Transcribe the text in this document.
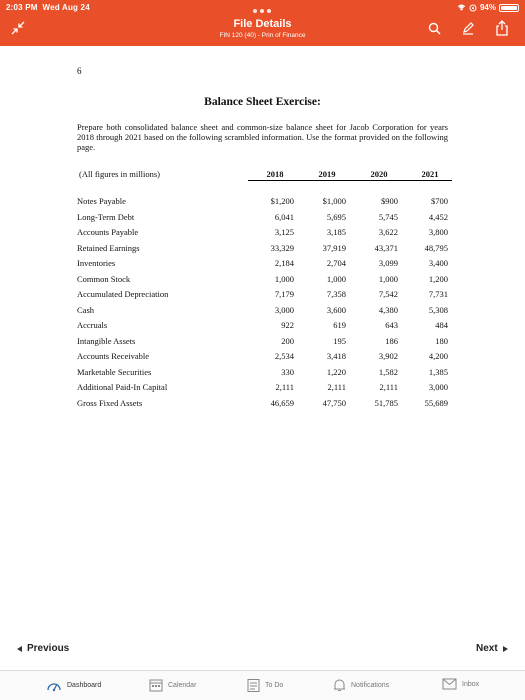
2:03 PM Wed Aug 24	94%
File Details
FIN 120 (40) - Prin of Finance
6
Balance Sheet Exercise:
Prepare both consolidated balance sheet and common-size balance sheet for Jacob Corporation for years 2018 through 2021 based on the following scrambled information. Use the format provided on the following page.
(All figures in millions)	2018	2019	2020	2021
Notes Payable	$1,200	$1,000	$900	$700
Long-Term Debt	6,041	5,695	5,745	4,452
Accounts Payable	3,125	3,185	3,622	3,800
Retained Earnings	33,329	37,919	43,371	48,795
Inventories	2,184	2,704	3,099	3,400
Common Stock	1,000	1,000	1,000	1,200
Accumulated Depreciation	7,179	7,358	7,542	7,731
Cash	3,000	3,600	4,380	5,308
Accruals	922	619	643	484
Intangible Assets	200	195	186	180
Accounts Receivable	2,534	3,418	3,902	4,200
Marketable Securities	330	1,220	1,582	1,385
Additional Paid-In Capital	2,111	2,111	2,111	3,000
Gross Fixed Assets	46,659	47,750	51,785	55,689
Previous	Next
Dashboard	Calendar	To Do	Notifications	Inbox
